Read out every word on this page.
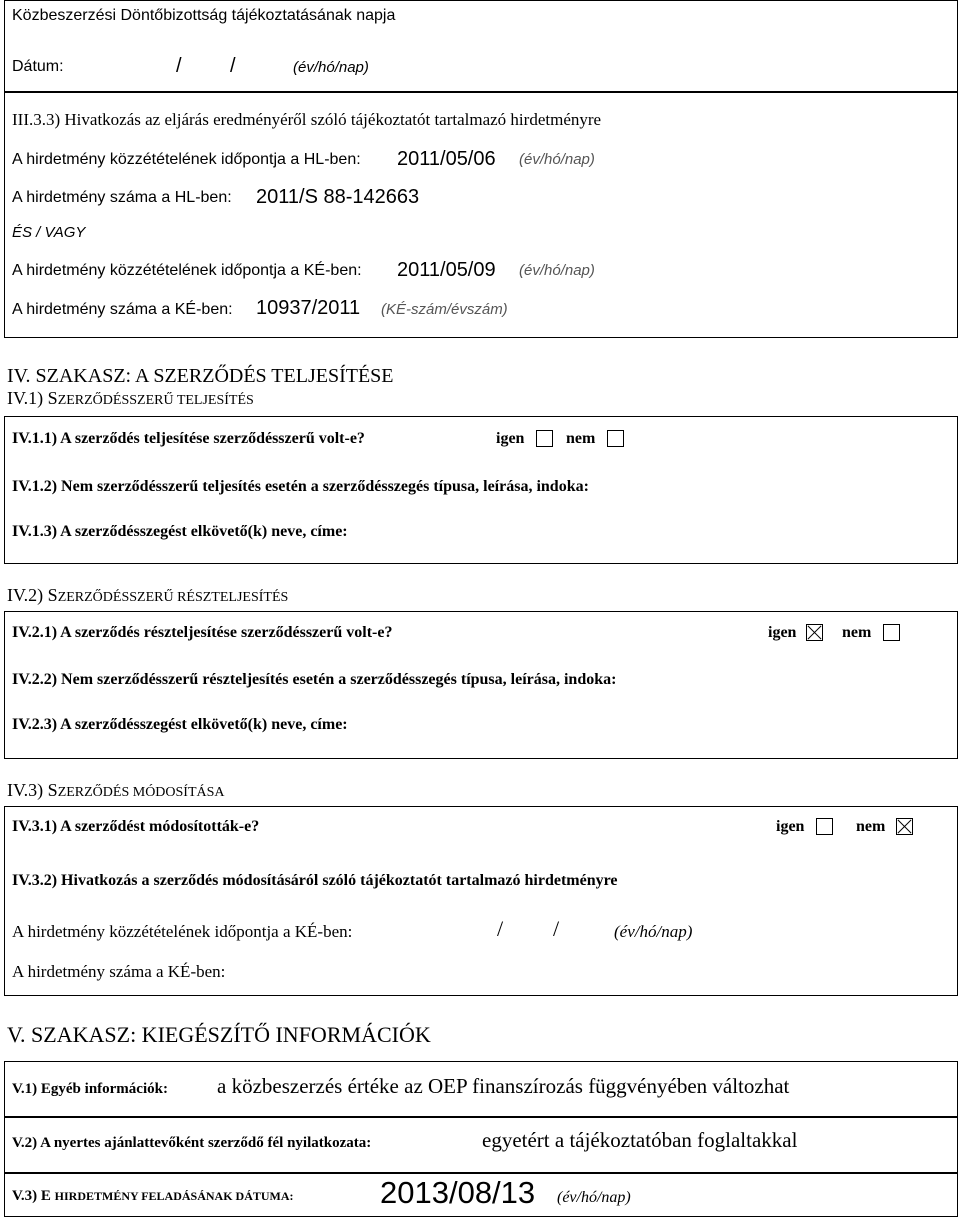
Közbeszerzési Döntőbizottság tájékoztatásának napja
Dátum:	/ /	(év/hó/nap)
III.3.3) Hivatkozás az eljárás eredményéről szóló tájékoztatót tartalmazó hirdetményre
A hirdetmény közzétételének időpontja a HL-ben: 2011/05/06 (év/hó/nap)
A hirdetmény száma a HL-ben: 2011/S 88-142663
ÉS / VAGY
A hirdetmény közzétételének időpontja a KÉ-ben: 2011/05/09 (év/hó/nap)
A hirdetmény száma a KÉ-ben: 10937/2011 (KÉ-szám/évszám)
IV. SZAKASZ: A SZERZŐDÉS TELJESÍTÉSE
IV.1) SZERZŐDÉSSZERŰ TELJESÍTÉS
IV.1.1) A szerződés teljesítése szerződésszerű volt-e?	igen	nem
IV.1.2) Nem szerződésszerű teljesítés esetén a szerződésszegés típusa, leírása, indoka:
IV.1.3) A szerződésszegést elkövető(k) neve, címe:
IV.2) SZERZŐDÉSSZERŰ RÉSZTELJESÍTÉS
IV.2.1) A szerződés részteljesítése szerződésszerű volt-e?	igen	nem
IV.2.2) Nem szerződésszerű részteljesítés esetén a szerződésszegés típusa, leírása, indoka:
IV.2.3) A szerződésszegést elkövető(k) neve, címe:
IV.3) SZERZŐDÉS MÓDOSÍTÁSA
IV.3.1) A szerződést módosították-e?	igen	nem
IV.3.2) Hivatkozás a szerződés módosításáról szóló tájékoztatót tartalmazó hirdetményre
A hirdetmény közzétételének időpontja a KÉ-ben:	/ /	(év/hó/nap)
A hirdetmény száma a KÉ-ben:
V. SZAKASZ: KIEGÉSZÍTŐ INFORMÁCIÓK
V.1) Egyéb információk: a közbeszerzés értéke az OEP finanszírozás függvényében változhat
V.2) A nyertes ajánlattevőként szerződő fél nyilatkozata:	egyetért a tájékoztatóban foglaltakkal
V.3) E HIRDETMÉNY FELADÁSÁNAK DÁTUMA:	2013/08/13 (év/hó/nap)
